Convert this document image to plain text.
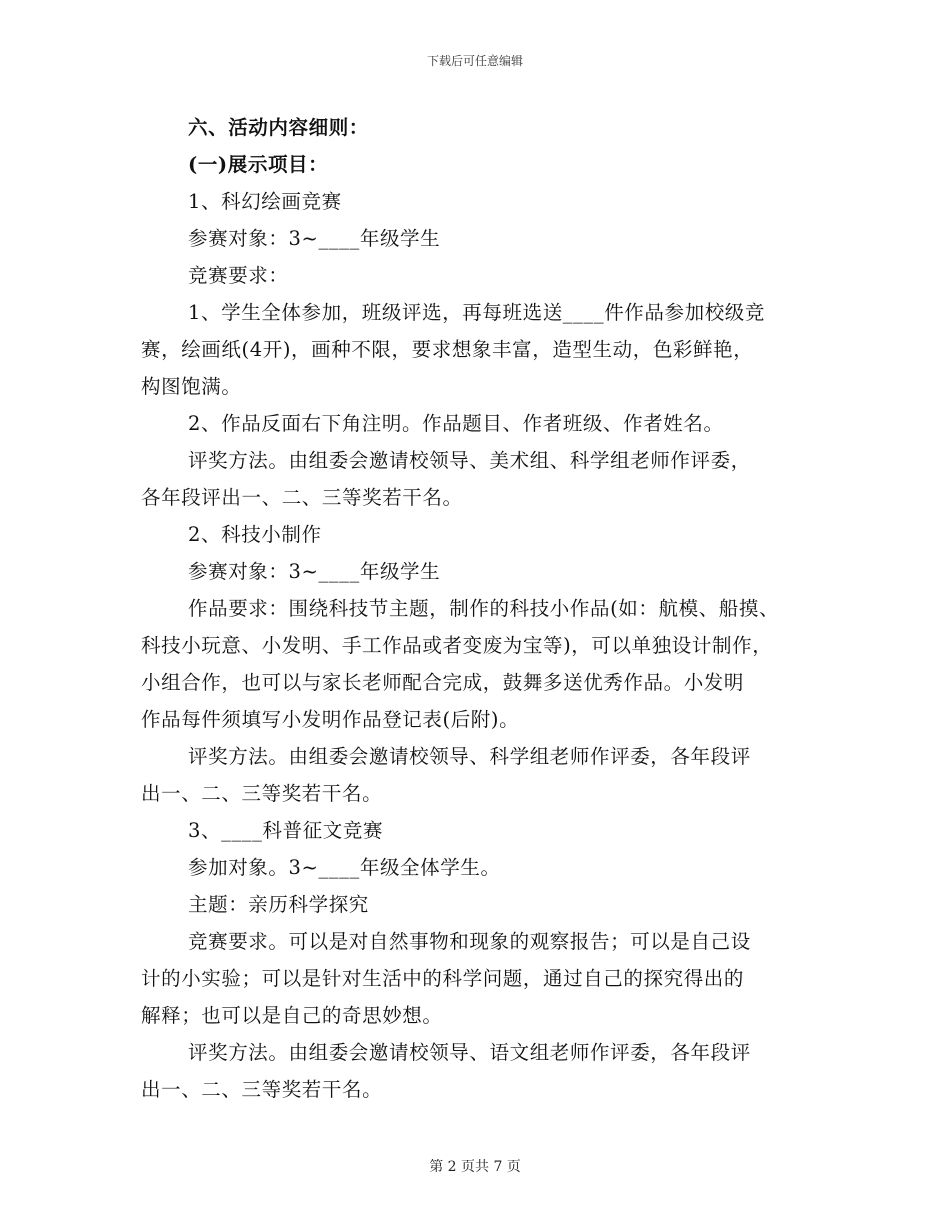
下载后可任意编辑
六、活动内容细则：
(一)展示项目：
1、科幻绘画竞赛
参赛对象：3~____年级学生
竞赛要求：
1、学生全体参加，班级评选，再每班选送____件作品参加校级竞
赛，绘画纸(4开)，画种不限，要求想象丰富，造型生动，色彩鲜艳，
构图饱满。
2、作品反面右下角注明。作品题目、作者班级、作者姓名。
评奖方法。由组委会邀请校领导、美术组、科学组老师作评委，
各年段评出一、二、三等奖若干名。
2、科技小制作
参赛对象：3~____年级学生
作品要求：围绕科技节主题，制作的科技小作品(如：航模、船摸、
科技小玩意、小发明、手工作品或者变废为宝等)，可以单独设计制作，
小组合作，也可以与家长老师配合完成，鼓舞多送优秀作品。小发明
作品每件须填写小发明作品登记表(后附)。
评奖方法。由组委会邀请校领导、科学组老师作评委，各年段评
出一、二、三等奖若干名。
3、____科普征文竞赛
参加对象。3~____年级全体学生。
主题：亲历科学探究
竞赛要求。可以是对自然事物和现象的观察报告；可以是自己设
计的小实验；可以是针对生活中的科学问题，通过自己的探究得出的
解释；也可以是自己的奇思妙想。
评奖方法。由组委会邀请校领导、语文组老师作评委，各年段评
出一、二、三等奖若干名。
第 2 页共 7 页
